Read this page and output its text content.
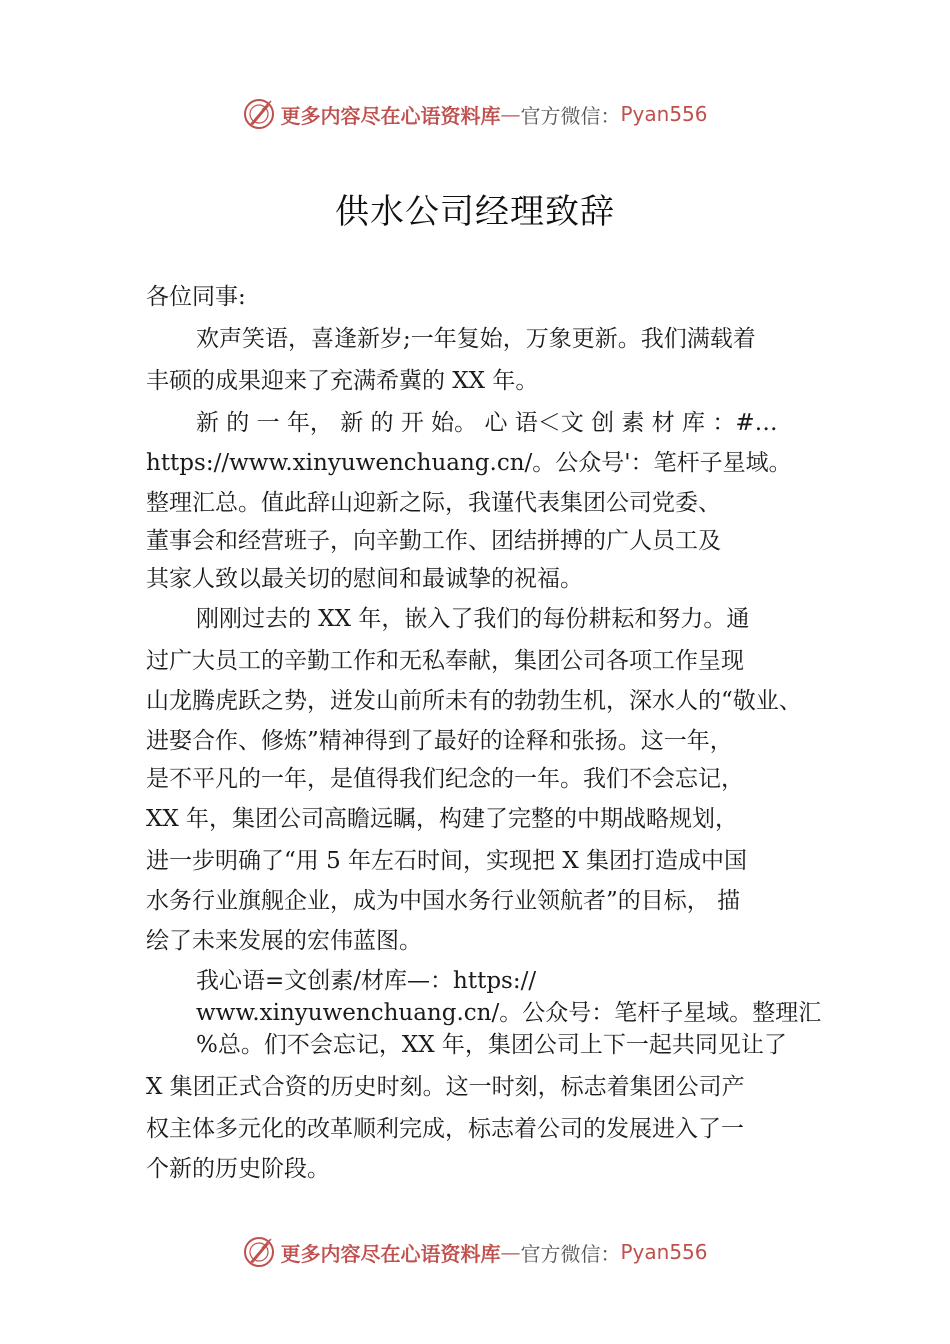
更多内容尽在心语资料库 — 官方微信： Pyan556
供水公司经理致辞
各位同事:
欢声笑语，喜逢新岁;一年复始，万象更新。我们满载着
丰硕的成果迎来了充满希冀的 XX 年。
新 的 一 年， 新 的 开 始。 心 语＜文 创 素 材 库 ：#…
https://www.xinyuwenchuang.cn/。公众号'：笔杆子星域。
整理汇总。值此辞山迎新之际，我谨代表集团公司党委、
董事会和经营班子，向辛勤工作、团结拼搏的广人员工及
其家人致以最关切的慰间和最诚挚的祝福。
刚刚过去的 XX 年，嵌入了我们的每份耕耘和努力。通
过广大员工的辛勤工作和无私奉献，集团公司各项工作呈现
山龙腾虎跃之势，迸发山前所未有的勃勃生机，深水人的“敬业、
进娶合作、修炼”精神得到了最好的诠释和张扬。这一年，
是不平凡的一年，是值得我们纪念的一年。我们不会忘记，
XX 年，集团公司高瞻远瞩，构建了完整的中期战略规划，
进一步明确了“用 5 年左石时间，实现把 X 集团打造成中国
水务行业旗舰企业，成为中国水务行业领航者”的目标， 描
绘了未来发展的宏伟蓝图。
我心语=文创素/材库—：https://
www.xinyuwenchuang.cn/。公众号：笔杆子星域。整理汇
%总。们不会忘记，XX 年，集团公司上下一起共同见让了
X 集团正式合资的历史时刻。这一时刻，标志着集团公司产
权主体多元化的改革顺利完成，标志着公司的发展进入了一
个新的历史阶段。
更多内容尽在心语资料库 — 官方微信： Pyan556
